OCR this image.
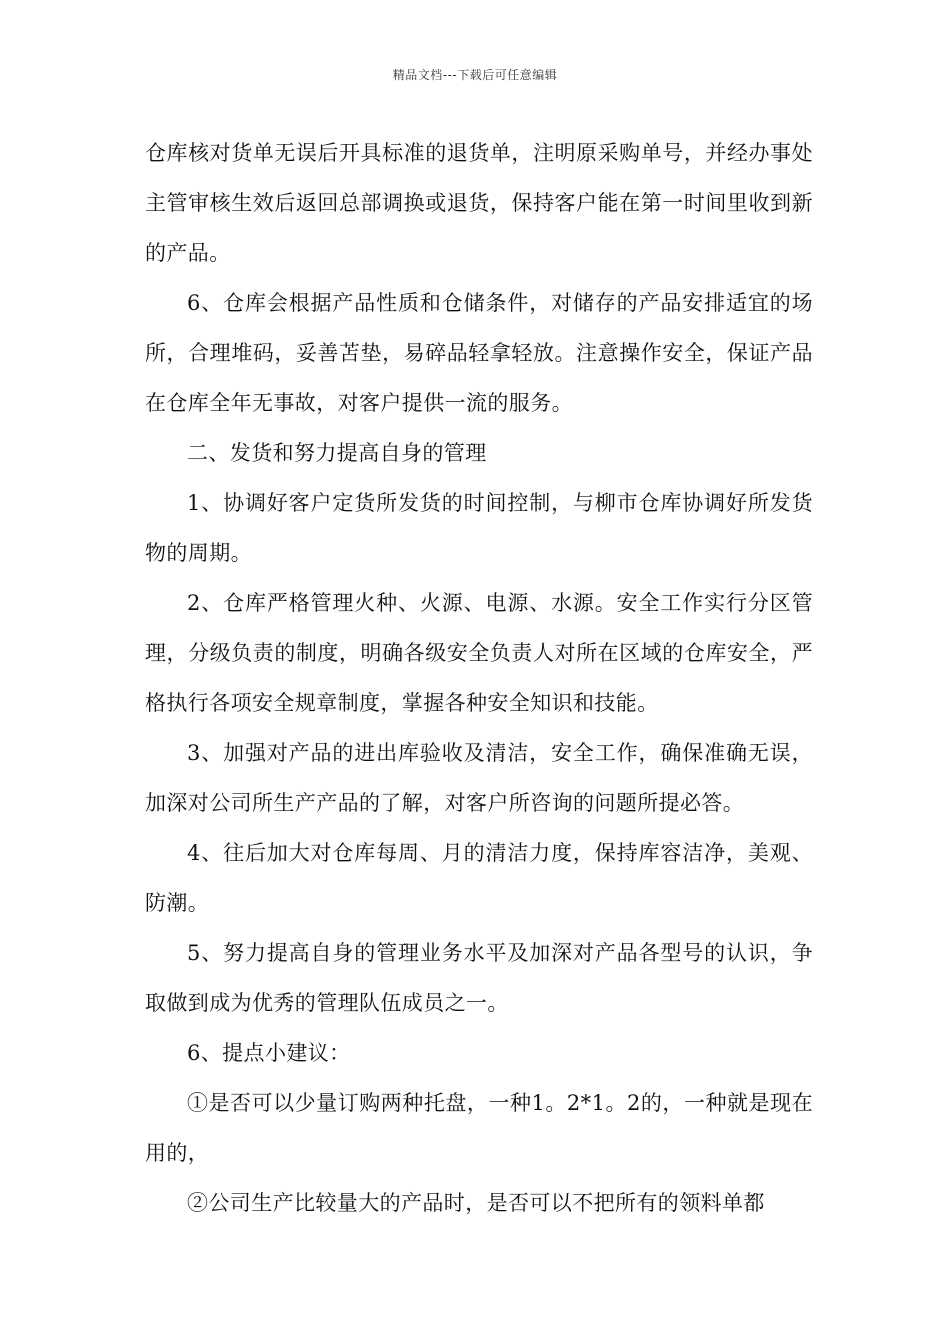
精品文档---下载后可任意编辑

仓库核对货单无误后开具标准的退货单，注明原采购单号，并经办事处主管审核生效后返回总部调换或退货，保持客户能在第一时间里收到新的产品。

6、仓库会根据产品性质和仓储条件，对储存的产品安排适宜的场所，合理堆码，妥善苫垫，易碎品轻拿轻放。注意操作安全，保证产品在仓库全年无事故，对客户提供一流的服务。

二、发货和努力提高自身的管理

1、协调好客户定货所发货的时间控制，与柳市仓库协调好所发货物的周期。

2、仓库严格管理火种、火源、电源、水源。安全工作实行分区管理，分级负责的制度，明确各级安全负责人对所在区域的仓库安全，严格执行各项安全规章制度，掌握各种安全知识和技能。

3、加强对产品的进出库验收及清洁，安全工作，确保准确无误，加深对公司所生产产品的了解，对客户所咨询的问题所提必答。

4、往后加大对仓库每周、月的清洁力度，保持库容洁净，美观、防潮。

5、努力提高自身的管理业务水平及加深对产品各型号的认识，争取做到成为优秀的管理队伍成员之一。

6、提点小建议：

①是否可以少量订购两种托盘，一种1。2*1。2的，一种就是现在用的，

②公司生产比较量大的产品时，是否可以不把所有的领料单都
